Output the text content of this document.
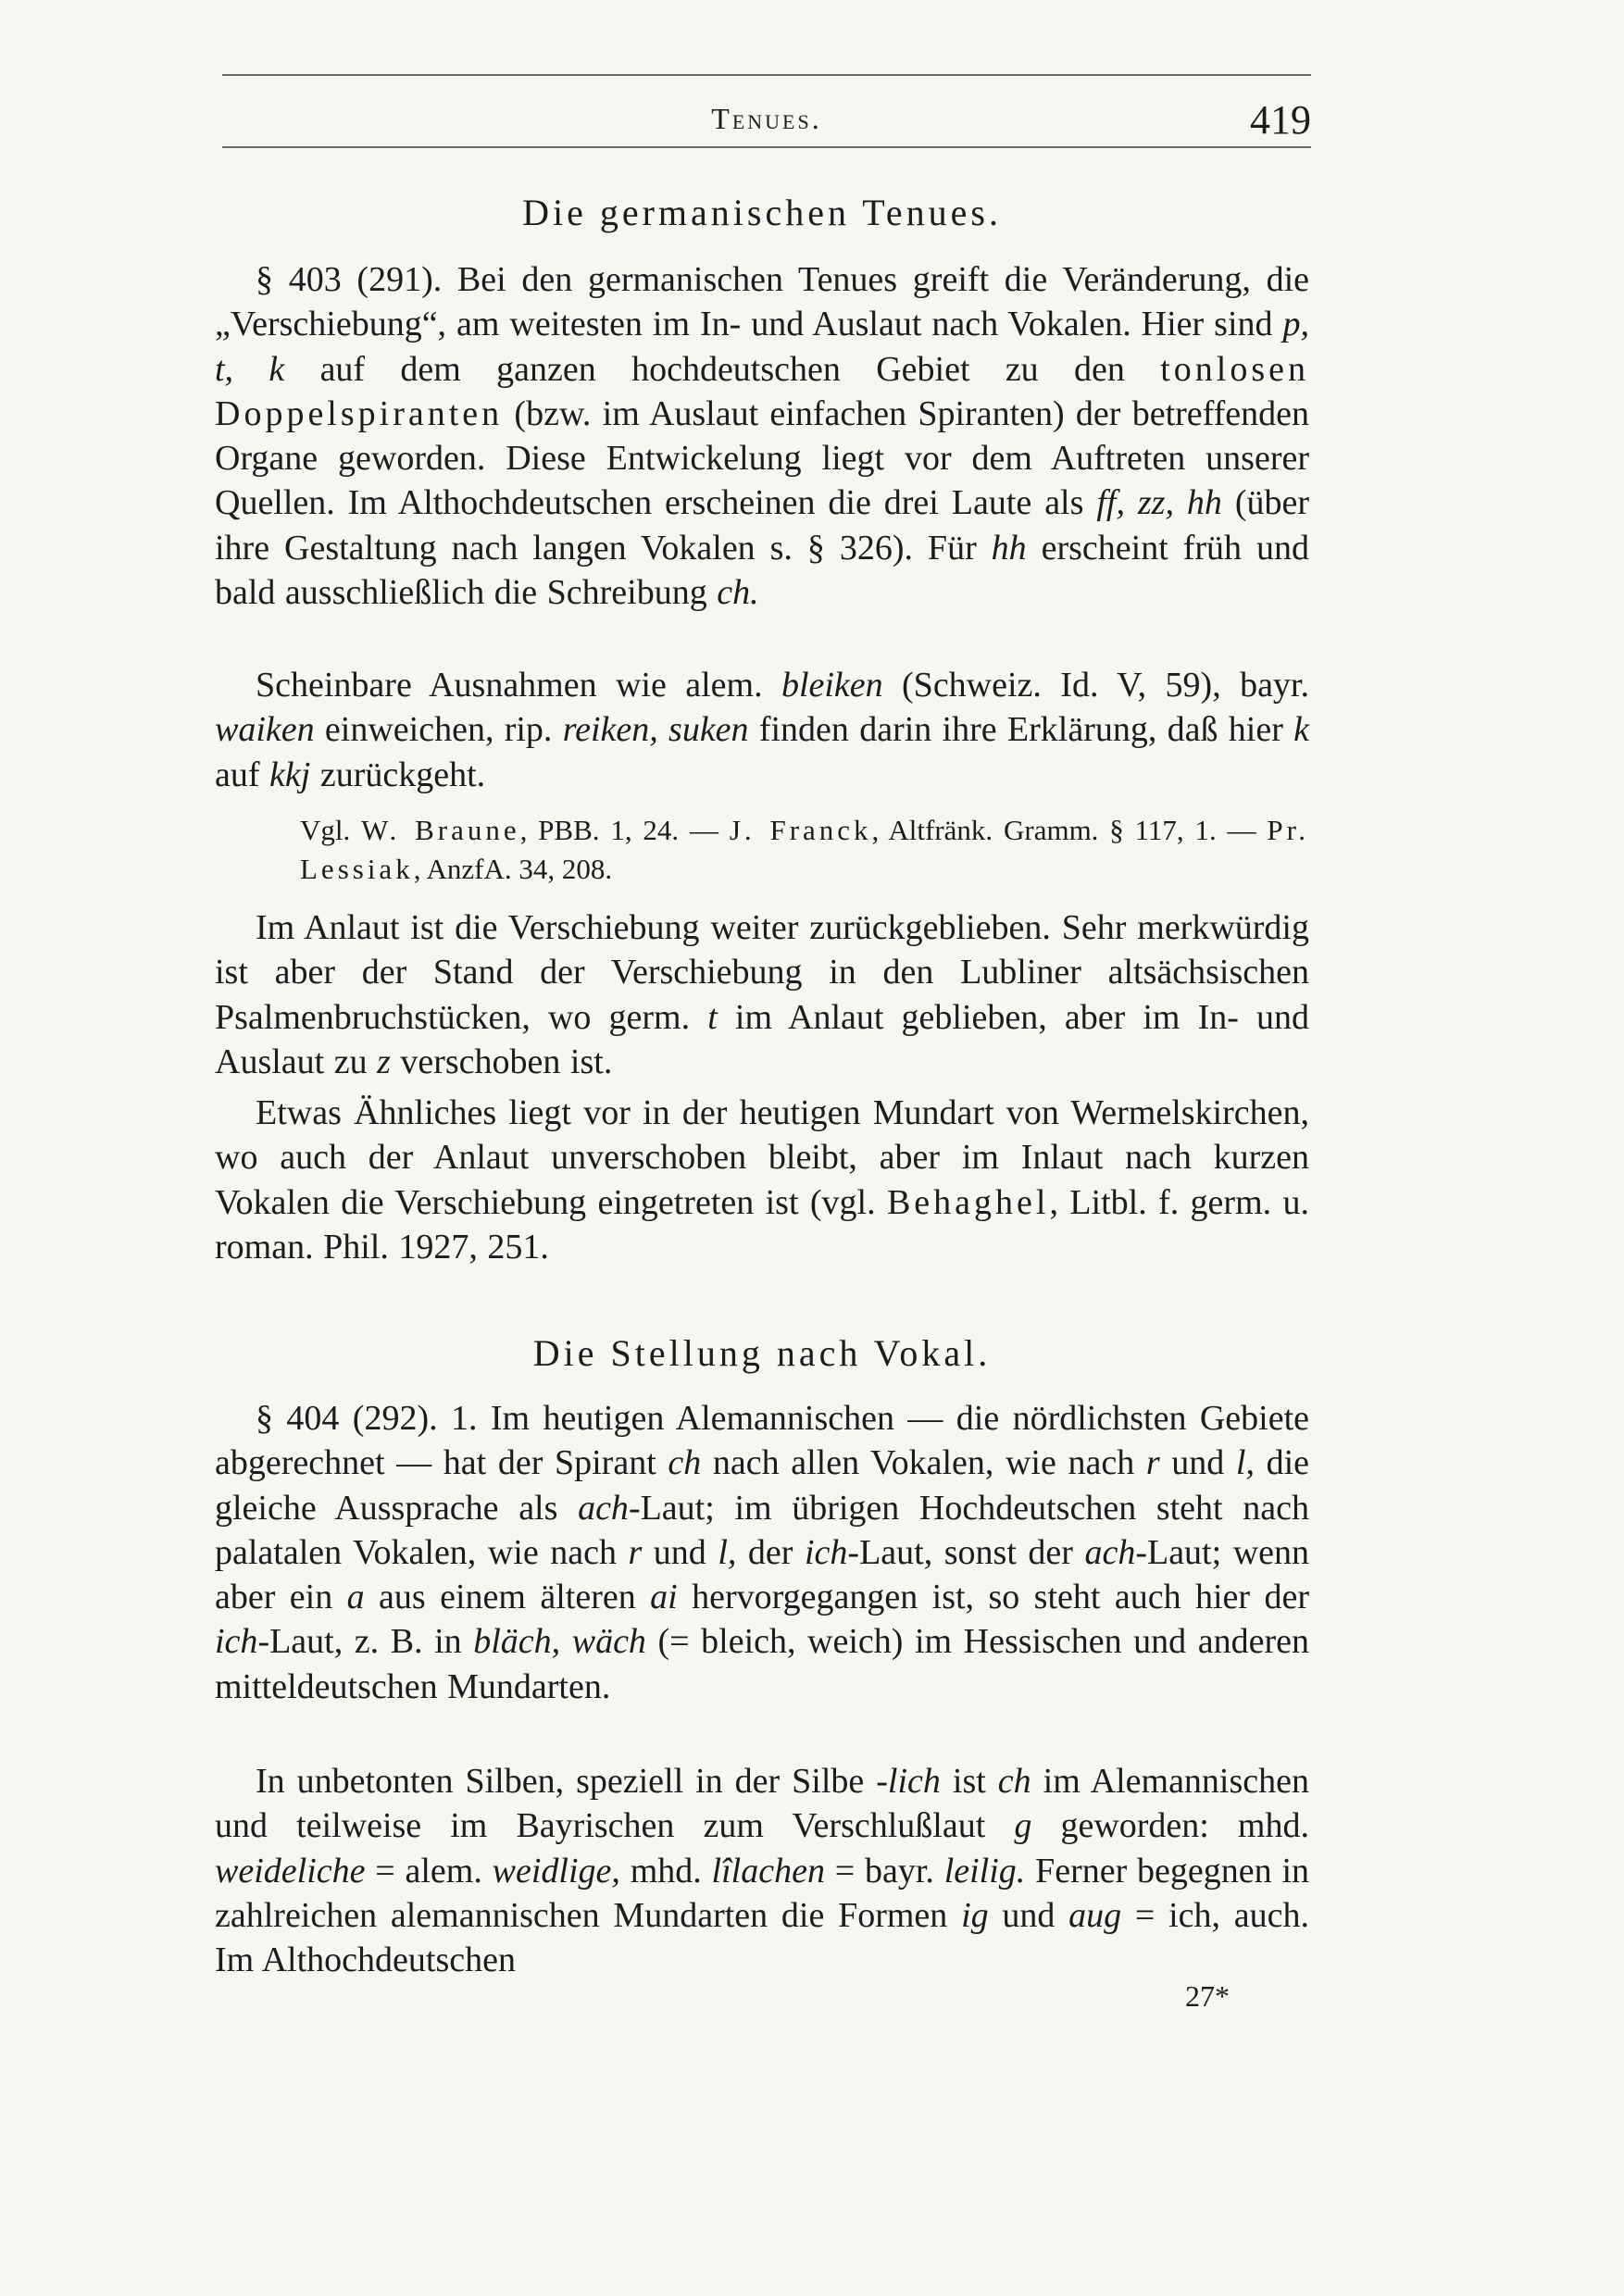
Tenues.	419
Die germanischen Tenues.

§ 403 (291). Bei den germanischen Tenues greift die Veränderung, die „Verschiebung“, am weitesten im In- und Auslaut nach Vokalen. Hier sind p, t, k auf dem ganzen hochdeutschen Gebiet zu den tonlosen Doppelspiranten (bzw. im Auslaut einfachen Spiranten) der betreffenden Organe geworden. Diese Entwickelung liegt vor dem Auftreten unserer Quellen. Im Althochdeutschen erscheinen die drei Laute als ff, zz, hh (über ihre Gestaltung nach langen Vokalen s. § 326). Für hh erscheint früh und bald ausschließlich die Schreibung ch.

Scheinbare Ausnahmen wie alem. bleiken (Schweiz. Id. V, 59), bayr. waiken einweichen, rip. reiken, suken finden darin ihre Erklärung, daß hier k auf kkj zurückgeht.

Vgl. W. Braune, PBB. 1, 24. — J. Franck, Altfränk. Gramm. § 117, 1. — Pr. Lessiak, AnzfA. 34, 208.

Im Anlaut ist die Verschiebung weiter zurückgeblieben. Sehr merkwürdig ist aber der Stand der Verschiebung in den Lubliner altsächsischen Psalmenbruchstücken, wo germ. t im Anlaut geblieben, aber im In- und Auslaut zu z verschoben ist.

Etwas Ähnliches liegt vor in der heutigen Mundart von Wermelskirchen, wo auch der Anlaut unverschoben bleibt, aber im Inlaut nach kurzen Vokalen die Verschiebung eingetreten ist (vgl. Behaghel, Litbl. f. germ. u. roman. Phil. 1927, 251.

Die Stellung nach Vokal.

§ 404 (292). 1. Im heutigen Alemannischen — die nördlichsten Gebiete abgerechnet — hat der Spirant ch nach allen Vokalen, wie nach r und l, die gleiche Aussprache als ach-Laut; im übrigen Hochdeutschen steht nach palatalen Vokalen, wie nach r und l, der ich-Laut, sonst der ach-Laut; wenn aber ein a aus einem älteren ai hervorgegangen ist, so steht auch hier der ich-Laut, z. B. in bläch, wäch (= bleich, weich) im Hessischen und anderen mitteldeutschen Mundarten.

In unbetonten Silben, speziell in der Silbe -lich ist ch im Alemannischen und teilweise im Bayrischen zum Verschlußlaut g geworden: mhd. weideliche = alem. weidlige, mhd. lîlachen = bayr. leilig. Ferner begegnen in zahlreichen alemannischen Mundarten die Formen ig und aug = ich, auch. Im Althochdeutschen

27*
